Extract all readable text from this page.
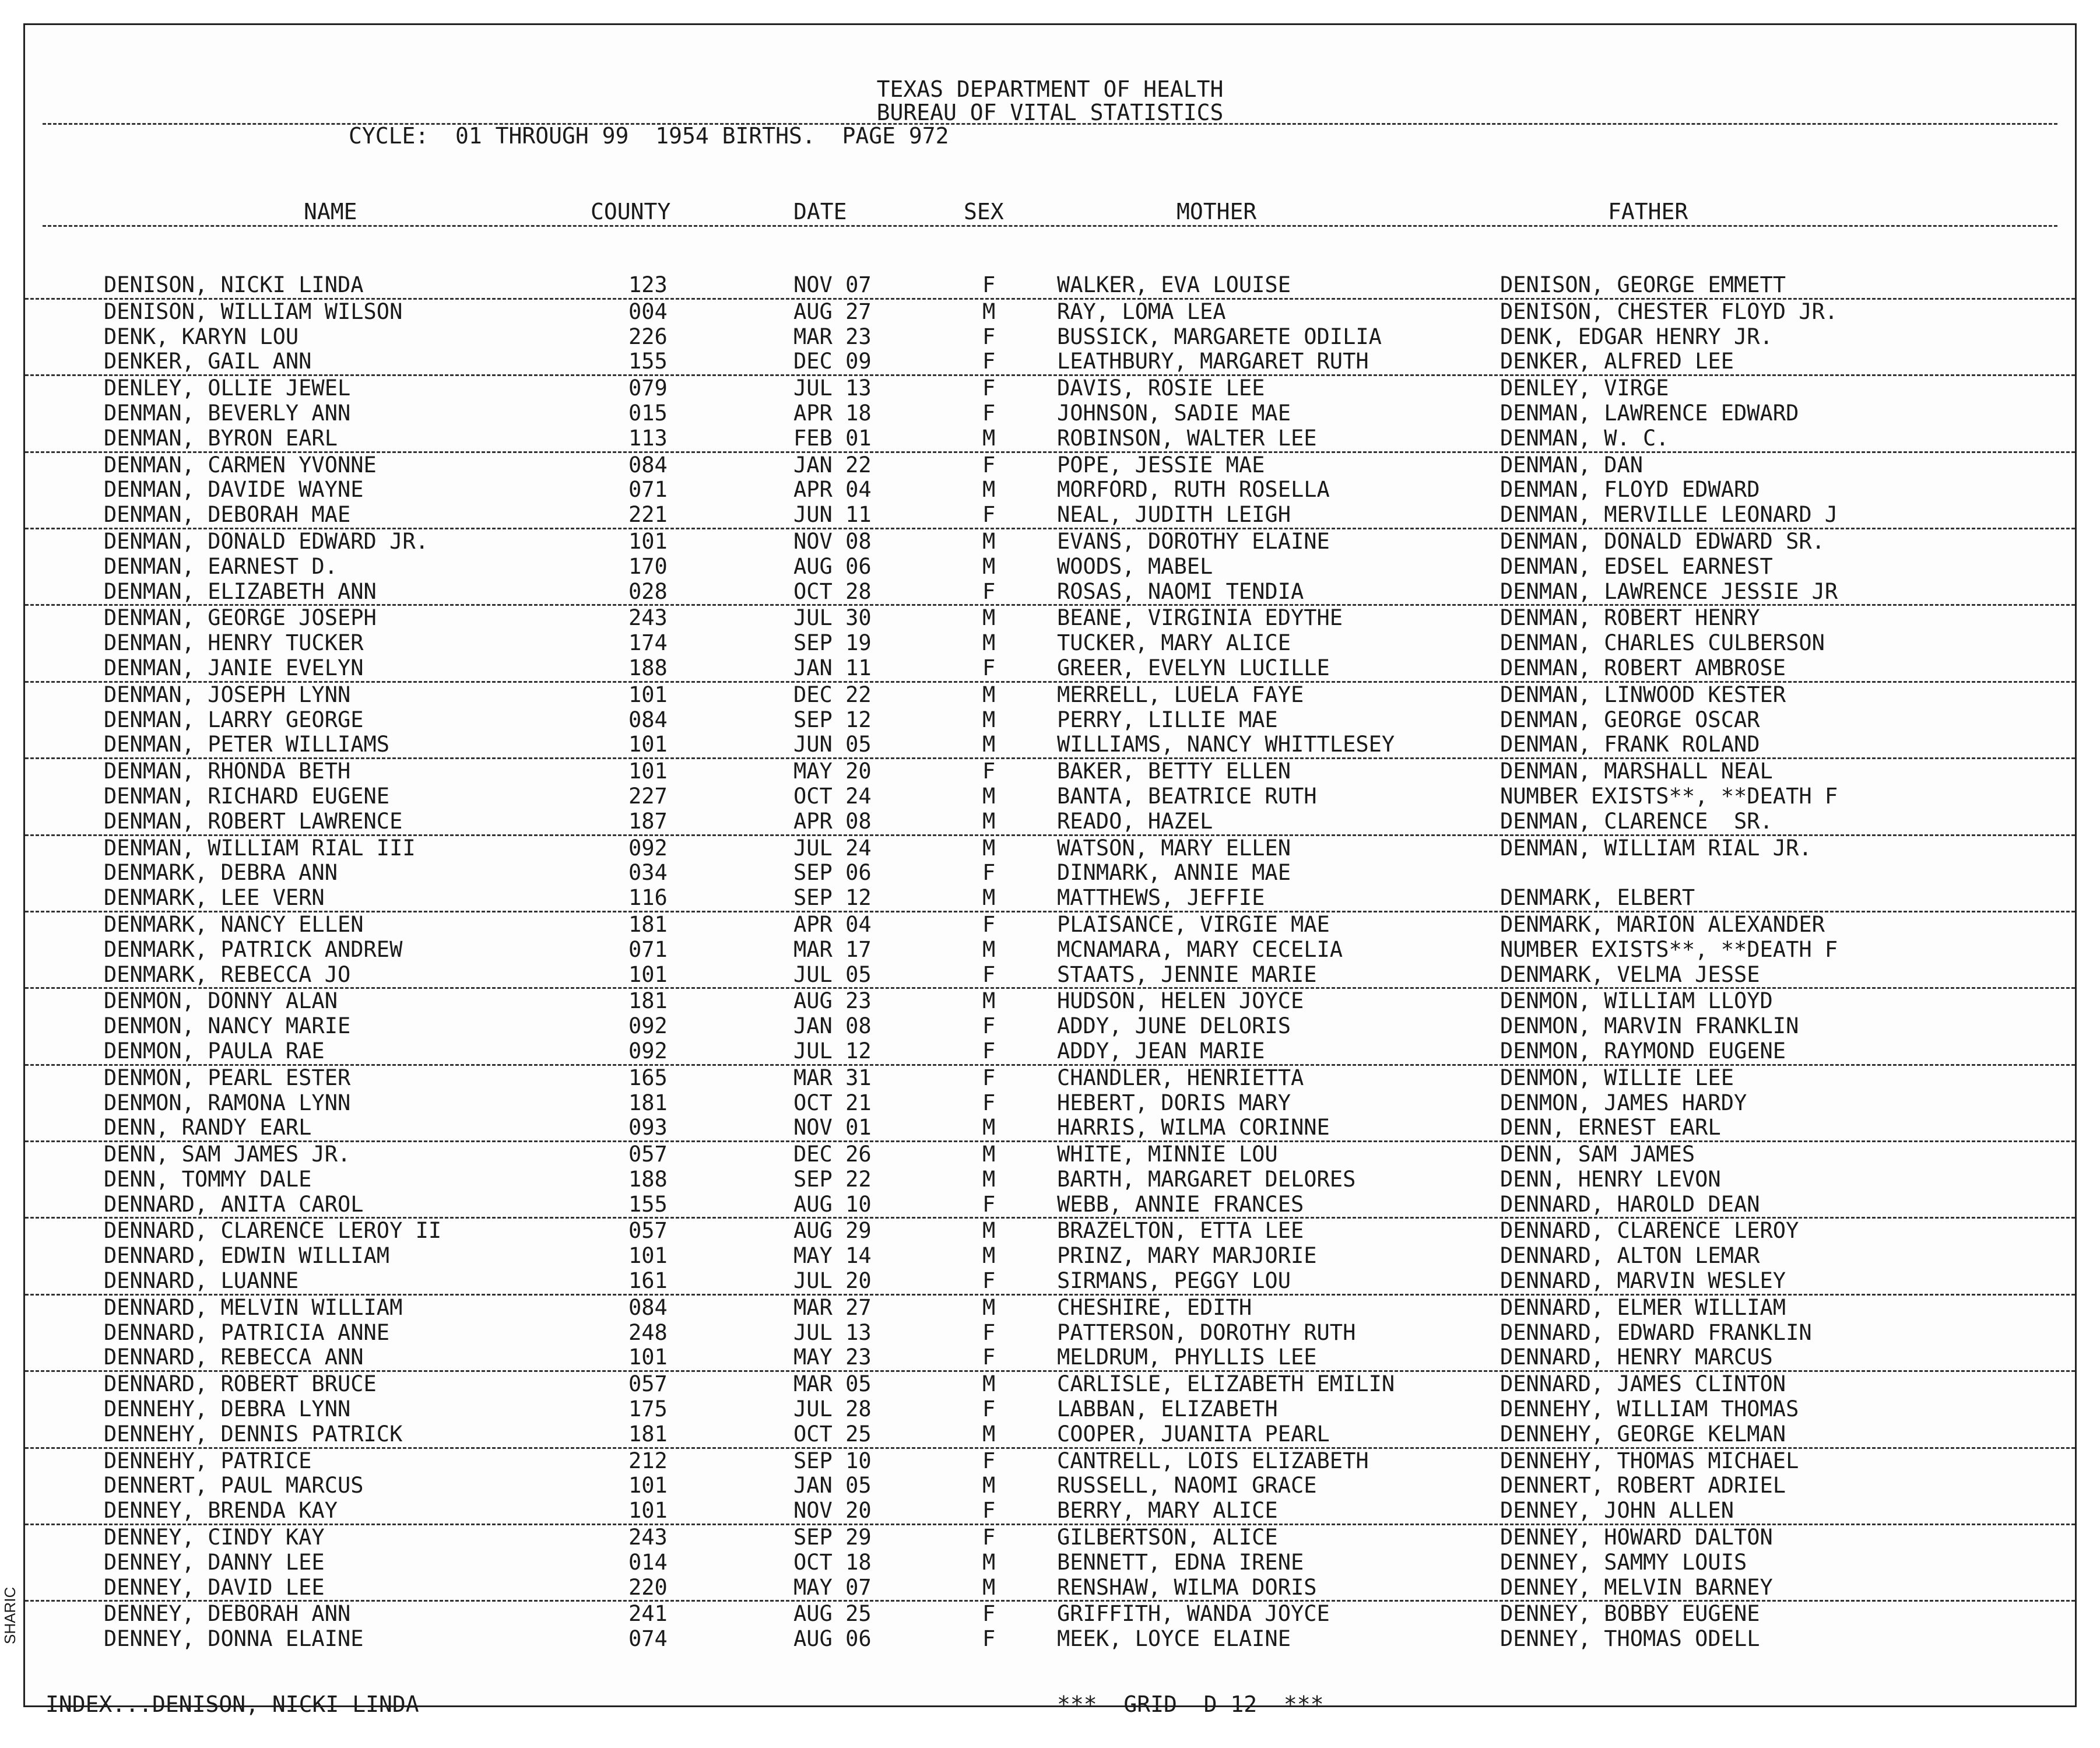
TEXAS DEPARTMENT OF HEALTH
BUREAU OF VITAL STATISTICS
CYCLE:  01 THROUGH 99  1954 BIRTHS.  PAGE 972
NAME	COUNTY	DATE	SEX	MOTHER	FATHER
DENISON, NICKI LINDA	123	NOV 07	F	WALKER, EVA LOUISE	DENISON, GEORGE EMMETT
DENISON, WILLIAM WILSON	004	AUG 27	M	RAY, LOMA LEA	DENISON, CHESTER FLOYD JR.
DENK, KARYN LOU	226	MAR 23	F	BUSSICK, MARGARETE ODILIA	DENK, EDGAR HENRY JR.
DENKER, GAIL ANN	155	DEC 09	F	LEATHBURY, MARGARET RUTH	DENKER, ALFRED LEE
DENLEY, OLLIE JEWEL	079	JUL 13	F	DAVIS, ROSIE LEE	DENLEY, VIRGE
DENMAN, BEVERLY ANN	015	APR 18	F	JOHNSON, SADIE MAE	DENMAN, LAWRENCE EDWARD
DENMAN, BYRON EARL	113	FEB 01	M	ROBINSON, WALTER LEE	DENMAN, W. C.
DENMAN, CARMEN YVONNE	084	JAN 22	F	POPE, JESSIE MAE	DENMAN, DAN
DENMAN, DAVIDE WAYNE	071	APR 04	M	MORFORD, RUTH ROSELLA	DENMAN, FLOYD EDWARD
DENMAN, DEBORAH MAE	221	JUN 11	F	NEAL, JUDITH LEIGH	DENMAN, MERVILLE LEONARD J
DENMAN, DONALD EDWARD JR.	101	NOV 08	M	EVANS, DOROTHY ELAINE	DENMAN, DONALD EDWARD SR.
DENMAN, EARNEST D.	170	AUG 06	M	WOODS, MABEL	DENMAN, EDSEL EARNEST
DENMAN, ELIZABETH ANN	028	OCT 28	F	ROSAS, NAOMI TENDIA	DENMAN, LAWRENCE JESSIE JR
DENMAN, GEORGE JOSEPH	243	JUL 30	M	BEANE, VIRGINIA EDYTHE	DENMAN, ROBERT HENRY
DENMAN, HENRY TUCKER	174	SEP 19	M	TUCKER, MARY ALICE	DENMAN, CHARLES CULBERSON
DENMAN, JANIE EVELYN	188	JAN 11	F	GREER, EVELYN LUCILLE	DENMAN, ROBERT AMBROSE
DENMAN, JOSEPH LYNN	101	DEC 22	M	MERRELL, LUELA FAYE	DENMAN, LINWOOD KESTER
DENMAN, LARRY GEORGE	084	SEP 12	M	PERRY, LILLIE MAE	DENMAN, GEORGE OSCAR
DENMAN, PETER WILLIAMS	101	JUN 05	M	WILLIAMS, NANCY WHITTLESEY	DENMAN, FRANK ROLAND
DENMAN, RHONDA BETH	101	MAY 20	F	BAKER, BETTY ELLEN	DENMAN, MARSHALL NEAL
DENMAN, RICHARD EUGENE	227	OCT 24	M	BANTA, BEATRICE RUTH	NUMBER EXISTS**, **DEATH F
DENMAN, ROBERT LAWRENCE	187	APR 08	M	READO, HAZEL	DENMAN, CLARENCE  SR.
DENMAN, WILLIAM RIAL III	092	JUL 24	M	WATSON, MARY ELLEN	DENMAN, WILLIAM RIAL JR.
DENMARK, DEBRA ANN	034	SEP 06	F	DINMARK, ANNIE MAE
DENMARK, LEE VERN	116	SEP 12	M	MATTHEWS, JEFFIE	DENMARK, ELBERT
DENMARK, NANCY ELLEN	181	APR 04	F	PLAISANCE, VIRGIE MAE	DENMARK, MARION ALEXANDER
DENMARK, PATRICK ANDREW	071	MAR 17	M	MCNAMARA, MARY CECELIA	NUMBER EXISTS**, **DEATH F
DENMARK, REBECCA JO	101	JUL 05	F	STAATS, JENNIE MARIE	DENMARK, VELMA JESSE
DENMON, DONNY ALAN	181	AUG 23	M	HUDSON, HELEN JOYCE	DENMON, WILLIAM LLOYD
DENMON, NANCY MARIE	092	JAN 08	F	ADDY, JUNE DELORIS	DENMON, MARVIN FRANKLIN
DENMON, PAULA RAE	092	JUL 12	F	ADDY, JEAN MARIE	DENMON, RAYMOND EUGENE
DENMON, PEARL ESTER	165	MAR 31	F	CHANDLER, HENRIETTA	DENMON, WILLIE LEE
DENMON, RAMONA LYNN	181	OCT 21	F	HEBERT, DORIS MARY	DENMON, JAMES HARDY
DENN, RANDY EARL	093	NOV 01	M	HARRIS, WILMA CORINNE	DENN, ERNEST EARL
DENN, SAM JAMES JR.	057	DEC 26	M	WHITE, MINNIE LOU	DENN, SAM JAMES
DENN, TOMMY DALE	188	SEP 22	M	BARTH, MARGARET DELORES	DENN, HENRY LEVON
DENNARD, ANITA CAROL	155	AUG 10	F	WEBB, ANNIE FRANCES	DENNARD, HAROLD DEAN
DENNARD, CLARENCE LEROY II	057	AUG 29	M	BRAZELTON, ETTA LEE	DENNARD, CLARENCE LEROY
DENNARD, EDWIN WILLIAM	101	MAY 14	M	PRINZ, MARY MARJORIE	DENNARD, ALTON LEMAR
DENNARD, LUANNE	161	JUL 20	F	SIRMANS, PEGGY LOU	DENNARD, MARVIN WESLEY
DENNARD, MELVIN WILLIAM	084	MAR 27	M	CHESHIRE, EDITH	DENNARD, ELMER WILLIAM
DENNARD, PATRICIA ANNE	248	JUL 13	F	PATTERSON, DOROTHY RUTH	DENNARD, EDWARD FRANKLIN
DENNARD, REBECCA ANN	101	MAY 23	F	MELDRUM, PHYLLIS LEE	DENNARD, HENRY MARCUS
DENNARD, ROBERT BRUCE	057	MAR 05	M	CARLISLE, ELIZABETH EMILIN	DENNARD, JAMES CLINTON
DENNEHY, DEBRA LYNN	175	JUL 28	F	LABBAN, ELIZABETH	DENNEHY, WILLIAM THOMAS
DENNEHY, DENNIS PATRICK	181	OCT 25	M	COOPER, JUANITA PEARL	DENNEHY, GEORGE KELMAN
DENNEHY, PATRICE	212	SEP 10	F	CANTRELL, LOIS ELIZABETH	DENNEHY, THOMAS MICHAEL
DENNERT, PAUL MARCUS	101	JAN 05	M	RUSSELL, NAOMI GRACE	DENNERT, ROBERT ADRIEL
DENNEY, BRENDA KAY	101	NOV 20	F	BERRY, MARY ALICE	DENNEY, JOHN ALLEN
DENNEY, CINDY KAY	243	SEP 29	F	GILBERTSON, ALICE	DENNEY, HOWARD DALTON
DENNEY, DANNY LEE	014	OCT 18	M	BENNETT, EDNA IRENE	DENNEY, SAMMY LOUIS
DENNEY, DAVID LEE	220	MAY 07	M	RENSHAW, WILMA DORIS	DENNEY, MELVIN BARNEY
DENNEY, DEBORAH ANN	241	AUG 25	F	GRIFFITH, WANDA JOYCE	DENNEY, BOBBY EUGENE
DENNEY, DONNA ELAINE	074	AUG 06	F	MEEK, LOYCE ELAINE	DENNEY, THOMAS ODELL
INDEX...DENISON, NICKI LINDA	***  GRID  D 12  ***
SHARIC
